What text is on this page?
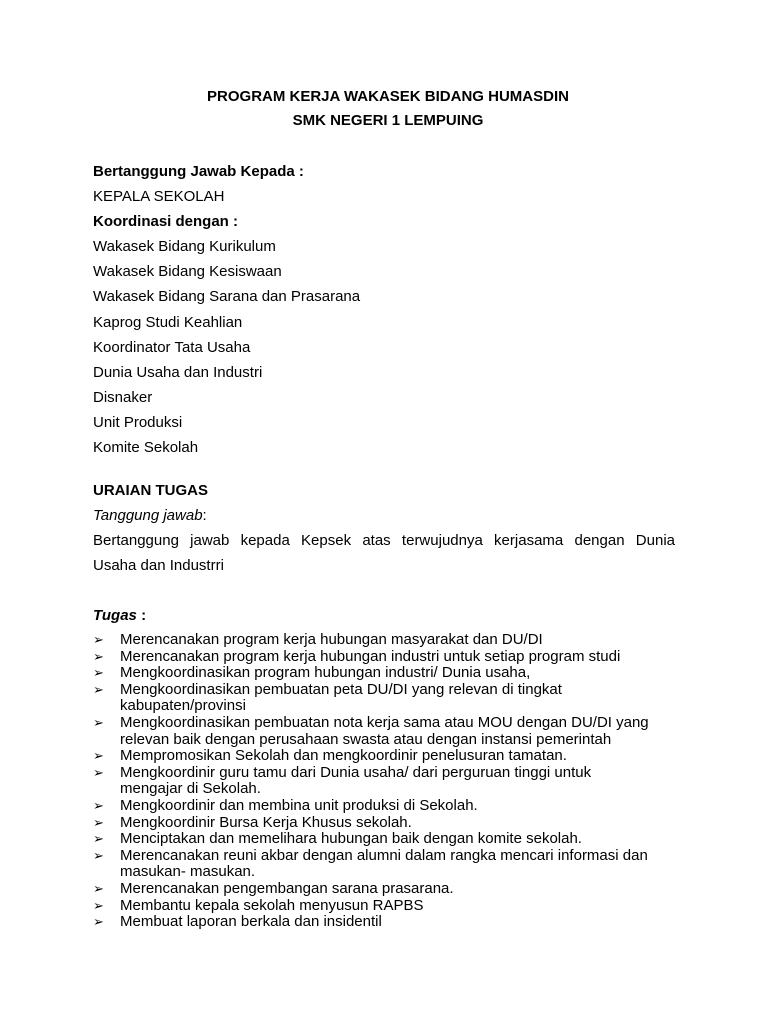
PROGRAM KERJA WAKASEK BIDANG HUMASDIN
SMK NEGERI 1 LEMPUING
Bertanggung Jawab Kepada :
KEPALA SEKOLAH
Koordinasi dengan :
Wakasek Bidang Kurikulum
Wakasek Bidang Kesiswaan
Wakasek Bidang Sarana dan Prasarana
Kaprog Studi Keahlian
Koordinator Tata Usaha
Dunia Usaha dan Industri
Disnaker
Unit Produksi
Komite Sekolah
URAIAN TUGAS
Tanggung jawab:
Bertanggung jawab kepada Kepsek atas terwujudnya kerjasama dengan Dunia
Usaha dan Industrri
Tugas :
➢ Merencanakan program kerja hubungan masyarakat dan DU/DI
➢ Merencanakan program kerja hubungan industri untuk setiap program studi
➢ Mengkoordinasikan program hubungan industri/ Dunia usaha,
➢ Mengkoordinasikan pembuatan peta DU/DI yang relevan di tingkat
kabupaten/provinsi
➢ Mengkoordinasikan pembuatan nota kerja sama atau MOU dengan DU/DI yang
relevan baik dengan perusahaan swasta atau dengan instansi pemerintah
➢ Mempromosikan Sekolah dan mengkoordinir penelusuran tamatan.
➢ Mengkoordinir guru tamu dari Dunia usaha/ dari perguruan tinggi untuk
mengajar di Sekolah.
➢ Mengkoordinir dan membina unit produksi di Sekolah.
➢ Mengkoordinir Bursa Kerja Khusus sekolah.
➢ Menciptakan dan memelihara hubungan baik dengan komite sekolah.
➢ Merencanakan reuni akbar dengan alumni dalam rangka mencari informasi dan
masukan- masukan.
➢ Merencanakan pengembangan sarana prasarana.
➢ Membantu kepala sekolah menyusun RAPBS
➢ Membuat laporan berkala dan insidentil
